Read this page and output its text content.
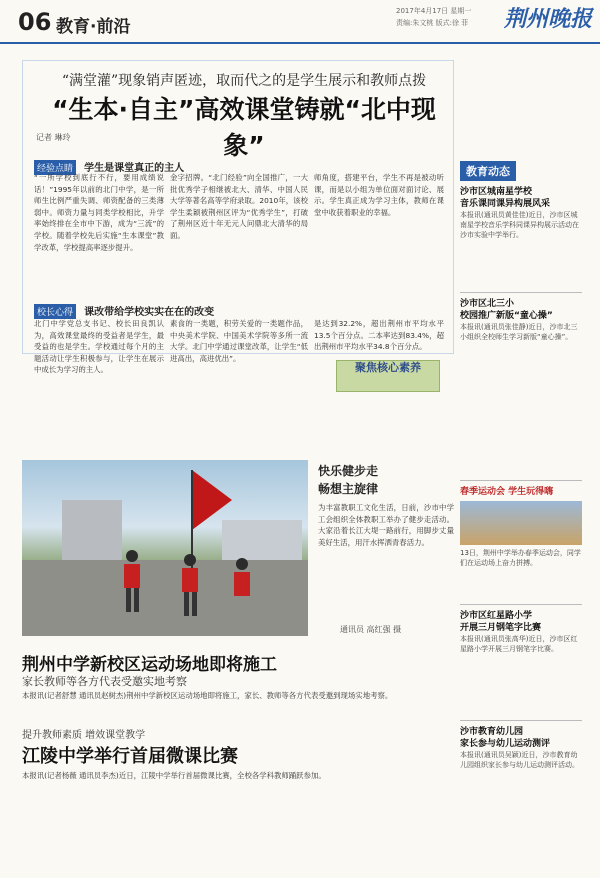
06 教育·前沿
2017年4月17日 星期一
责编:朱文桃 版式:徐 菲 荆州晚报
“满堂灌”现象销声匿迹，取而代之的是学生展示和教师点拨
“生本·自主”高效课堂铸就“北中现象”
记者 琳玲
经验点睛 学生是课堂真正的主人
“一所学校到底行不行，要用成绩说话！”1995年以前的北门中学，是一所师生比例严重失调、师资配备的三类薄弱中。师资力量与同类学校相比，升学率始终排在全市中下游，成为“三流”的学校。随着学校先后实施“生本课堂”教学改革，学校提高率逐步提升。
金字招牌。“北门经验”向全国推广，一大批优秀学子相继被北大、清华、中国人民大学等著名高等学府录取。2010年，该校学生柔颖被荆州区评为“优秀学生”，打破了荆州区近十年无元人问鼎北大清华的局面。
师角度，搭建平台，学生不再是被动听课，而是以小组为单位面对面讨论、展示。学生真正成为学习主体，教师在课堂中收获着职业的幸福。
校长心得 课改带给学校实实在在的改变
北门中学党总支书记、校长田良凯认为，高效课堂最终的受益者是学生，最受益的也是学生。学校通过每个月的主题活动让学生积极参与，让学生在展示中成长为学习的主人。
素食的一类题，积劳关爱的一类题作品，中央美术学院、中国美术学院等多所一流大学。北门中学通过课堂改革，让学生“低进高出，高进优出”。
是达到32.2%，超出荆州市平均水平13.5个百分点。二本率达到83.4%，超出荆州市平均水平34.8个百分点。
聚焦核心素养
快乐健步走
畅想主旋律
为丰富教职工文化生活，日前，沙市中学工会组织全体教职工举办了健步走活动。大家沿着长江大堤一路前行，用脚步丈量美好生活，用汗水挥洒青春活力。
通讯员 高红强 摄
荆州中学新校区运动场地即将施工
家长教师等各方代表受邀实地考察
本报讯(记者舒慧 通讯员赵树杰)荆州中学新校区运动场地即将施工，家长、教师等各方代表受邀到现场实地考察。
提升教师素质 增效课堂教学
江陵中学举行首届微课比赛
本报讯(记者杨薇 通讯员李杰)近日，江陵中学举行首届微课比赛，全校各学科教师踊跃参加。
教育动态
沙市区城南星学校
音乐课同课异构展风采
本报讯(通讯员黄佳佳)近日，沙市区城南星学校音乐学科同课异构展示活动在沙市实验中学举行。
沙市区北三小
校园推广新版“童心操”
本报讯(通讯员张佳静)近日，沙市北三小组织全校师生学习新版“童心操”。
春季运动会 学生玩得嗨
13日，荆州中学举办春季运动会，同学们在运动场上奋力拼搏。
沙市区红星路小学
开展三月钢笔字比赛
本报讯(通讯员张高华)近日，沙市区红星路小学开展三月钢笔字比赛。
沙市教育幼儿园
家长参与幼儿运动测评
本报讯(通讯员吴颖)近日，沙市教育幼儿园组织家长参与幼儿运动测评活动。
